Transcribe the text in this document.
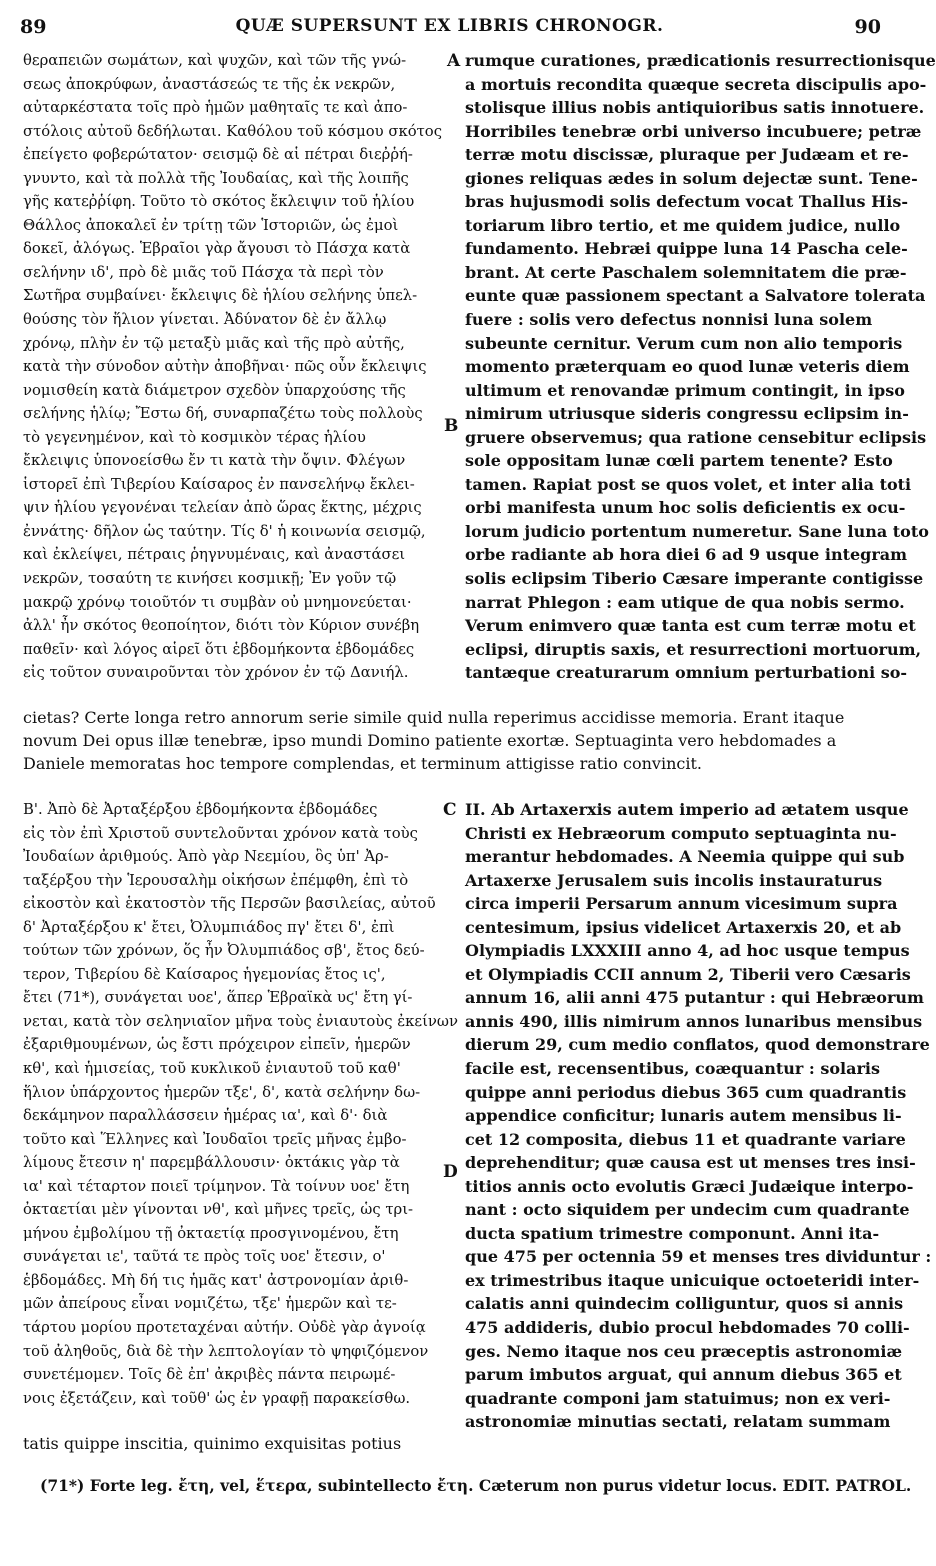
89	QUÆ SUPERSUNT EX LIBRIS CHRONOGR.	90
θεραπειῶν σωμάτων, καὶ ψυχῶν, καὶ τῶν τῆς γνώ-
σεως ἀποκρύφων, ἀναστάσεώς τε τῆς ἐκ νεκρῶν,
αὐταρκέστατα τοῖς πρὸ ἡμῶν μαθηταῖς τε καὶ ἀπο-
στόλοις αὐτοῦ δεδήλωται. Καθόλου τοῦ κόσμου σκότος
ἐπείγετο φοβερώτατον· σεισμῷ δὲ αἱ πέτραι διεῤῥή-
γνυντο, καὶ τὰ πολλὰ τῆς Ἰουδαίας, καὶ τῆς λοιπῆς
γῆς κατεῤῥίφη. Τοῦτο τὸ σκότος ἔκλειψιν τοῦ ἡλίου
Θάλλος ἀποκαλεῖ ἐν τρίτῃ τῶν Ἱστοριῶν, ὡς ἐμοὶ
δοκεῖ, ἀλόγως. Ἑβραῖοι γὰρ ἄγουσι τὸ Πάσχα κατὰ
σελήνην ιδ', πρὸ δὲ μιᾶς τοῦ Πάσχα τὰ περὶ τὸν
Σωτῆρα συμβαίνει· ἔκλειψις δὲ ἡλίου σελήνης ὑπελ-
θούσης τὸν ἥλιον γίνεται. Ἀδύνατον δὲ ἐν ἄλλῳ
χρόνῳ, πλὴν ἐν τῷ μεταξὺ μιᾶς καὶ τῆς πρὸ αὐτῆς,
κατὰ τὴν σύνοδον αὐτὴν ἀποβῆναι· πῶς οὖν ἔκλειψις
νομισθείη κατὰ διάμετρον σχεδὸν ὑπαρχούσης τῆς
σελήνης ἡλίῳ; Ἔστω δή, συναρπαζέτω τοὺς πολλοὺς
τὸ γεγενημένον, καὶ τὸ κοσμικὸν τέρας ἡλίου
ἔκλειψις ὑπονοείσθω ἔν τι κατὰ τὴν ὄψιν. Φλέγων
ἱστορεῖ ἐπὶ Τιβερίου Καίσαρος ἐν πανσελήνῳ ἔκλει-
ψιν ἡλίου γεγονέναι τελείαν ἀπὸ ὥρας ἕκτης, μέχρις
ἐννάτης· δῆλον ὡς ταύτην. Τίς δ' ἡ κοινωνία σεισμῷ,
καὶ ἐκλείψει, πέτραις ῥηγνυμέναις, καὶ ἀναστάσει
νεκρῶν, τοσαύτη τε κινήσει κοσμικῇ; Ἐν γοῦν τῷ
μακρῷ χρόνῳ τοιοῦτόν τι συμβὰν οὐ μνημονεύεται·
ἀλλ' ἦν σκότος θεοποίητον, διότι τὸν Κύριον συνέβη
παθεῖν· καὶ λόγος αἱρεῖ ὅτι ἑβδομήκοντα ἑβδομάδες
εἰς τοῦτον συναιροῦνται τὸν χρόνον ἐν τῷ Δανιήλ.
rumque curationes, prædicationis resurrectionisque
a mortuis recondita quæque secreta discipulis apo-
stolisque illius nobis antiquioribus satis innotuere.
Horribiles tenebræ orbi universo incubuere; petræ
terræ motu discissæ, pluraque per Judæam et re-
giones reliquas ædes in solum dejectæ sunt. Tene-
bras hujusmodi solis defectum vocat Thallus His-
toriarum libro tertio, et me quidem judice, nullo
fundamento. Hebræi quippe luna 14 Pascha cele-
brant. At certe Paschalem solemnitatem die præ-
eunte quæ passionem spectant a Salvatore tolerata
fuere : solis vero defectus nonnisi luna solem
subeunte cernitur. Verum cum non alio temporis
momento præterquam eo quod lunæ veteris diem
ultimum et renovandæ primum contingit, in ipso
nimirum utriusque sideris congressu eclipsim in-
gruere observemus; qua ratione censebitur eclipsis
sole oppositam lunæ cœli partem tenente? Esto
tamen. Rapiat post se quos volet, et inter alia toti
orbi manifesta unum hoc solis deficientis ex ocu-
lorum judicio portentum numeretur. Sane luna toto
orbe radiante ab hora diei 6 ad 9 usque integram
solis eclipsim Tiberio Cæsare imperante contigisse
narrat Phlegon : eam utique de qua nobis sermo.
Verum enimvero quæ tanta est cum terræ motu et
eclipsi, diruptis saxis, et resurrectioni mortuorum,
tantæque creaturarum omnium perturbationi so-
A
B
cietas? Certe longa retro annorum serie simile quid nulla reperimus accidisse memoria. Erant itaque
novum Dei opus illæ tenebræ, ipso mundi Domino patiente exortæ. Septuaginta vero hebdomades a
Daniele memoratas hoc tempore complendas, et terminum attigisse ratio convincit.
Β'. Ἀπὸ δὲ Ἀρταξέρξου ἑβδομήκοντα ἑβδομάδες
εἰς τὸν ἐπὶ Χριστοῦ συντελοῦνται χρόνον κατὰ τοὺς
Ἰουδαίων ἀριθμούς. Ἀπὸ γὰρ Νεεμίου, ὃς ὑπ' Ἀρ-
ταξέρξου τὴν Ἱερουσαλὴμ οἰκήσων ἐπέμφθη, ἐπὶ τὸ
εἰκοστὸν καὶ ἑκατοστὸν τῆς Περσῶν βασιλείας, αὐτοῦ
δ' Ἀρταξέρξου κ' ἔτει, Ὀλυμπιάδος πγ' ἔτει δ', ἐπὶ
τούτων τῶν χρόνων, ὅς ἦν Ὀλυμπιάδος σβ', ἔτος δεύ-
τερον, Τιβερίου δὲ Καίσαρος ἡγεμονίας ἔτος ις',
ἔτει (71*), συνάγεται υοε', ἅπερ Ἑβραϊκὰ υϛ' ἔτη γί-
νεται, κατὰ τὸν σεληνιαῖον μῆνα τοὺς ἐνιαυτοὺς ἐκείνων
ἐξαριθμουμένων, ὡς ἔστι πρόχειρον εἰπεῖν, ἡμερῶν
κθ', καὶ ἡμισείας, τοῦ κυκλικοῦ ἐνιαυτοῦ τοῦ καθ'
ἥλιον ὑπάρχοντος ἡμερῶν τξε', δ', κατὰ σελήνην δω-
δεκάμηνον παραλλάσσειν ἡμέρας ια', καὶ δ'· διὰ
τοῦτο καὶ Ἕλληνες καὶ Ἰουδαῖοι τρεῖς μῆνας ἐμβο-
λίμους ἔτεσιν η' παρεμβάλλουσιν· ὀκτάκις γὰρ τὰ
ια' καὶ τέταρτον ποιεῖ τρίμηνον. Τὰ τοίνυν υοε' ἔτη
ὀκταετίαι μὲν γίνονται νθ', καὶ μῆνες τρεῖς, ὡς τρι-
μήνου ἐμβολίμου τῇ ὀκταετίᾳ προσγινομένου, ἔτη
συνάγεται ιε', ταῦτά τε πρὸς τοῖς υοε' ἔτεσιν, ο'
ἑβδομάδες. Μὴ δή τις ἡμᾶς κατ' ἀστρονομίαν ἀριθ-
μῶν ἀπείρους εἶναι νομιζέτω, τξε' ἡμερῶν καὶ τε-
τάρτου μορίου προτεταχέναι αὐτήν. Οὐδὲ γὰρ ἀγνοίᾳ
τοῦ ἀληθοῦς, διὰ δὲ τὴν λεπτολογίαν τὸ ψηφιζόμενον
συνετέμομεν. Τοῖς δὲ ἐπ' ἀκριβὲς πάντα πειρωμέ-
νοις ἐξετάζειν, καὶ τοῦθ' ὡς ἐν γραφῇ παρακείσθω.
II. Ab Artaxerxis autem imperio ad ætatem usque
Christi ex Hebræorum computo septuaginta nu-
merantur hebdomades. A Neemia quippe qui sub
Artaxerxe Jerusalem suis incolis instauraturus
circa imperii Persarum annum vicesimum supra
centesimum, ipsius videlicet Artaxerxis 20, et ab
Olympiadis LXXXIII anno 4, ad hoc usque tempus
et Olympiadis CCII annum 2, Tiberii vero Cæsaris
annum 16, alii anni 475 putantur : qui Hebræorum
annis 490, illis nimirum annos lunaribus mensibus
dierum 29, cum medio conflatos, quod demonstrare
facile est, recensentibus, coæquantur : solaris
quippe anni periodus diebus 365 cum quadrantis
appendice conficitur; lunaris autem mensibus li-
cet 12 composita, diebus 11 et quadrante variare
deprehenditur; quæ causa est ut menses tres insi-
titios annis octo evolutis Græci Judæique interpo-
nant : octo siquidem per undecim cum quadrante
ducta spatium trimestre componunt. Anni ita-
que 475 per octennia 59 et menses tres dividuntur :
ex trimestribus itaque unicuique octoeteridi inter-
calatis anni quindecim colliguntur, quos si annis
475 addideris, dubio procul hebdomades 70 colli-
ges. Nemo itaque nos ceu præceptis astronomiæ
parum imbutos arguat, qui annum diebus 365 et
quadrante componi jam statuimus; non ex veri-
astronomiæ minutias sectati, relatam summam
C
D
tatis quippe inscitia, quinimo exquisitas potius
(71*) Forte leg. ἔτη, vel, ἕτερα, subintellecto ἔτη. Cæterum non purus videtur locus. EDIT. PATROL.
